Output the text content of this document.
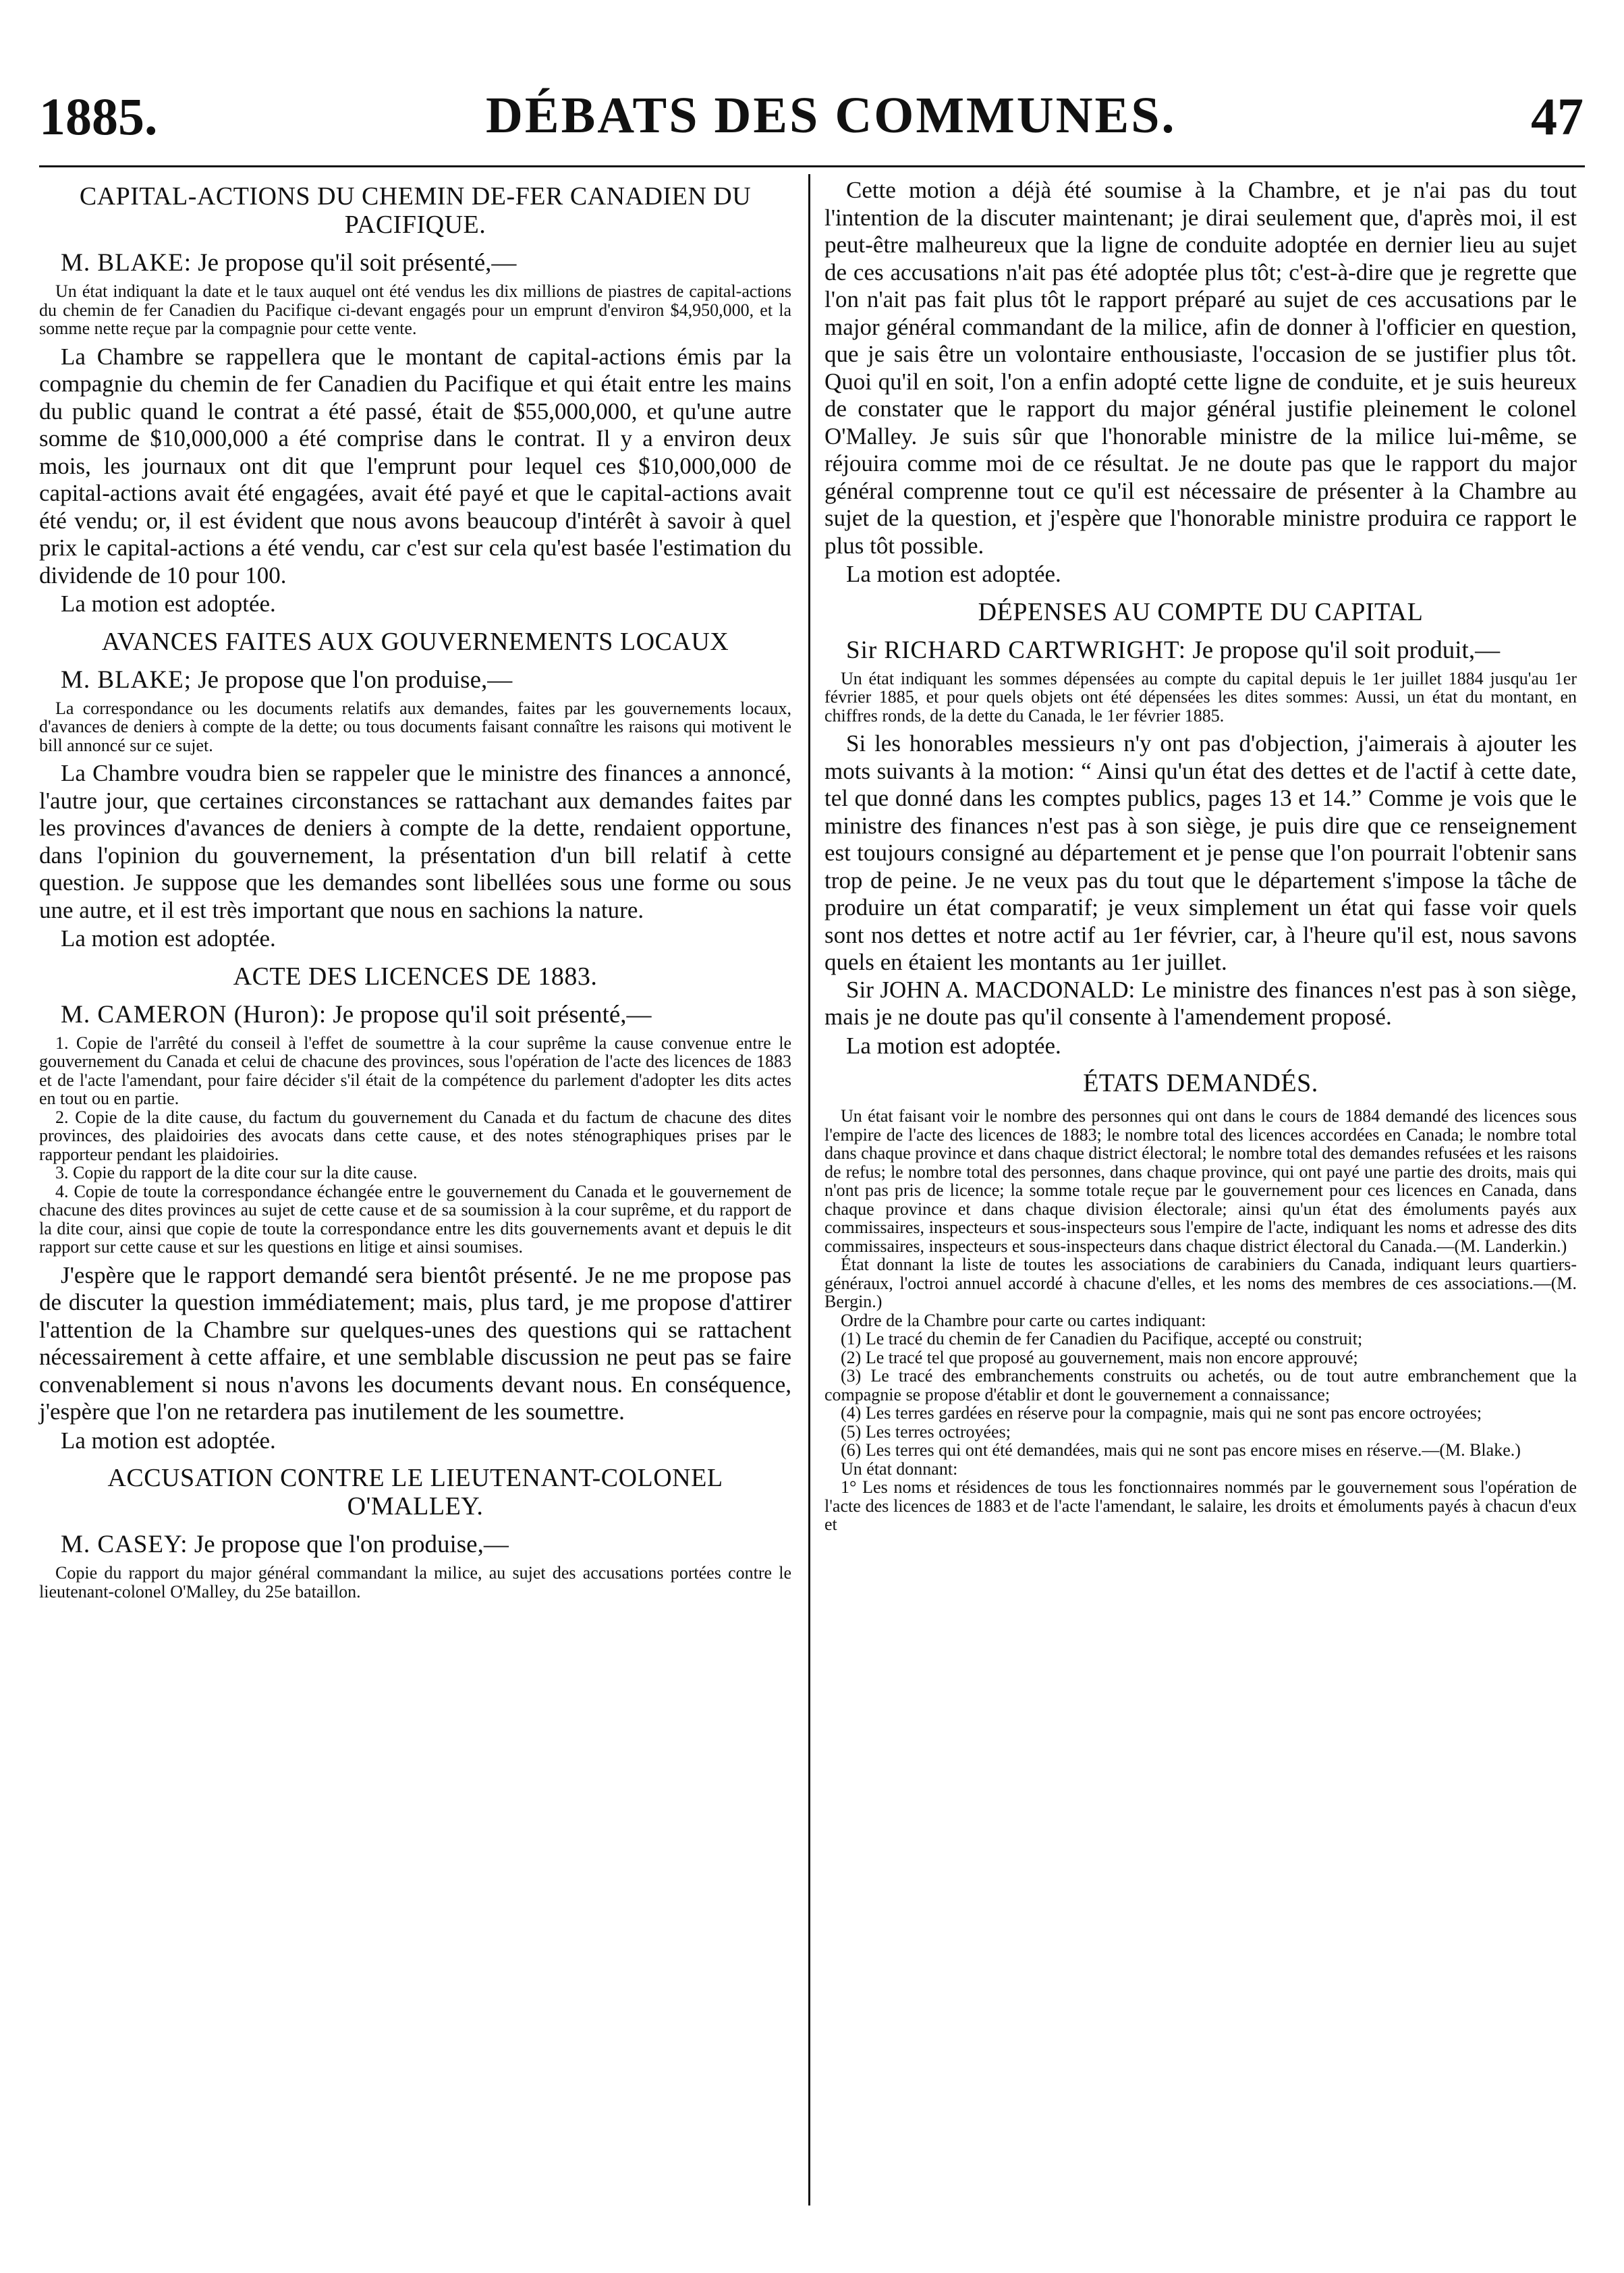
1885.	DÉBATS DES COMMUNES.	47

CAPITAL-ACTIONS DU CHEMIN DE-FER CANADIEN DU PACIFIQUE.

M. BLAKE: Je propose qu'il soit présenté,—

Un état indiquant la date et le taux auquel ont été vendus les dix millions de piastres de capital-actions du chemin de fer Canadien du Pacifique ci-devant engagés pour un emprunt d'environ $4,950,000, et la somme nette reçue par la compagnie pour cette vente.

La Chambre se rappellera que le montant de capital-actions émis par la compagnie du chemin de fer Canadien du Pacifique et qui était entre les mains du public quand le contrat a été passé, était de $55,000,000, et qu'une autre somme de $10,000,000 a été comprise dans le contrat. Il y a environ deux mois, les journaux ont dit que l'emprunt pour lequel ces $10,000,000 de capital-actions avait été engagées, avait été payé et que le capital-actions avait été vendu; or, il est évident que nous avons beaucoup d'intérêt à savoir à quel prix le capital-actions a été vendu, car c'est sur cela qu'est basée l'estimation du dividende de 10 pour 100.

La motion est adoptée.

AVANCES FAITES AUX GOUVERNEMENTS LOCAUX

M. BLAKE; Je propose que l'on produise,—

La correspondance ou les documents relatifs aux demandes, faites par les gouvernements locaux, d'avances de deniers à compte de la dette; ou tous documents faisant connaître les raisons qui motivent le bill annoncé sur ce sujet.

La Chambre voudra bien se rappeler que le ministre des finances a annoncé, l'autre jour, que certaines circonstances se rattachant aux demandes faites par les provinces d'avances de deniers à compte de la dette, rendaient opportune, dans l'opinion du gouvernement, la présentation d'un bill relatif à cette question. Je suppose que les demandes sont libellées sous une forme ou sous une autre, et il est très important que nous en sachions la nature.

La motion est adoptée.

ACTE DES LICENCES DE 1883.

M. CAMERON (Huron): Je propose qu'il soit présenté,—

1. Copie de l'arrêté du conseil à l'effet de soumettre à la cour suprême la cause convenue entre le gouvernement du Canada et celui de chacune des provinces, sous l'opération de l'acte des licences de 1883 et de l'acte l'amendant, pour faire décider s'il était de la compétence du parlement d'adopter les dits actes en tout ou en partie.

2. Copie de la dite cause, du factum du gouvernement du Canada et du factum de chacune des dites provinces, des plaidoiries des avocats dans cette cause, et des notes sténographiques prises par le rapporteur pendant les plaidoiries.

3. Copie du rapport de la dite cour sur la dite cause.

4. Copie de toute la correspondance échangée entre le gouvernement du Canada et le gouvernement de chacune des dites provinces au sujet de cette cause et de sa soumission à la cour suprême, et du rapport de la dite cour, ainsi que copie de toute la correspondance entre les dits gouvernements avant et depuis le dit rapport sur cette cause et sur les questions en litige et ainsi soumises.

J'espère que le rapport demandé sera bientôt présenté. Je ne me propose pas de discuter la question immédiatement; mais, plus tard, je me propose d'attirer l'attention de la Chambre sur quelques-unes des questions qui se rattachent nécessairement à cette affaire, et une semblable discussion ne peut pas se faire convenablement si nous n'avons les documents devant nous. En conséquence, j'espère que l'on ne retardera pas inutilement de les soumettre.

La motion est adoptée.

ACCUSATION CONTRE LE LIEUTENANT-COLONEL O'MALLEY.

M. CASEY: Je propose que l'on produise,—

Copie du rapport du major général commandant la milice, au sujet des accusations portées contre le lieutenant-colonel O'Malley, du 25e bataillon.

Cette motion a déjà été soumise à la Chambre, et je n'ai pas du tout l'intention de la discuter maintenant; je dirai seulement que, d'après moi, il est peut-être malheureux que la ligne de conduite adoptée en dernier lieu au sujet de ces accusations n'ait pas été adoptée plus tôt; c'est-à-dire que je regrette que l'on n'ait pas fait plus tôt le rapport préparé au sujet de ces accusations par le major général commandant de la milice, afin de donner à l'officier en question, que je sais être un volontaire enthousiaste, l'occasion de se justifier plus tôt. Quoi qu'il en soit, l'on a enfin adopté cette ligne de conduite, et je suis heureux de constater que le rapport du major général justifie pleinement le colonel O'Malley. Je suis sûr que l'honorable ministre de la milice lui-même, se réjouira comme moi de ce résultat. Je ne doute pas que le rapport du major général comprenne tout ce qu'il est nécessaire de présenter à la Chambre au sujet de la question, et j'espère que l'honorable ministre produira ce rapport le plus tôt possible.

La motion est adoptée.

DÉPENSES AU COMPTE DU CAPITAL

Sir RICHARD CARTWRIGHT: Je propose qu'il soit produit,—

Un état indiquant les sommes dépensées au compte du capital depuis le 1er juillet 1884 jusqu'au 1er février 1885, et pour quels objets ont été dépensées les dites sommes: Aussi, un état du montant, en chiffres ronds, de la dette du Canada, le 1er février 1885.

Si les honorables messieurs n'y ont pas d'objection, j'aimerais à ajouter les mots suivants à la motion: “ Ainsi qu'un état des dettes et de l'actif à cette date, tel que donné dans les comptes publics, pages 13 et 14.” Comme je vois que le ministre des finances n'est pas à son siège, je puis dire que ce renseignement est toujours consigné au département et je pense que l'on pourrait l'obtenir sans trop de peine. Je ne veux pas du tout que le département s'impose la tâche de produire un état comparatif; je veux simplement un état qui fasse voir quels sont nos dettes et notre actif au 1er février, car, à l'heure qu'il est, nous savons quels en étaient les montants au 1er juillet.

Sir JOHN A. MACDONALD: Le ministre des finances n'est pas à son siège, mais je ne doute pas qu'il consente à l'amendement proposé.

La motion est adoptée.

ÉTATS DEMANDÉS.

Un état faisant voir le nombre des personnes qui ont dans le cours de 1884 demandé des licences sous l'empire de l'acte des licences de 1883; le nombre total des licences accordées en Canada; le nombre total dans chaque province et dans chaque district électoral; le nombre total des demandes refusées et les raisons de refus; le nombre total des personnes, dans chaque province, qui ont payé une partie des droits, mais qui n'ont pas pris de licence; la somme totale reçue par le gouvernement pour ces licences en Canada, dans chaque province et dans chaque division électorale; ainsi qu'un état des émoluments payés aux commissaires, inspecteurs et sous-inspecteurs sous l'empire de l'acte, indiquant les noms et adresse des dits commissaires, inspecteurs et sous-inspecteurs dans chaque district électoral du Canada.—(M. Landerkin.)

État donnant la liste de toutes les associations de carabiniers du Canada, indiquant leurs quartiers-généraux, l'octroi annuel accordé à chacune d'elles, et les noms des membres de ces associations.—(M. Bergin.)

Ordre de la Chambre pour carte ou cartes indiquant:

(1) Le tracé du chemin de fer Canadien du Pacifique, accepté ou construit;

(2) Le tracé tel que proposé au gouvernement, mais non encore approuvé;

(3) Le tracé des embranchements construits ou achetés, ou de tout autre embranchement que la compagnie se propose d'établir et dont le gouvernement a connaissance;

(4) Les terres gardées en réserve pour la compagnie, mais qui ne sont pas encore octroyées;

(5) Les terres octroyées;

(6) Les terres qui ont été demandées, mais qui ne sont pas encore mises en réserve.—(M. Blake.)

Un état donnant:

1° Les noms et résidences de tous les fonctionnaires nommés par le gouvernement sous l'opération de l'acte des licences de 1883 et de l'acte l'amendant, le salaire, les droits et émoluments payés à chacun d'eux et
